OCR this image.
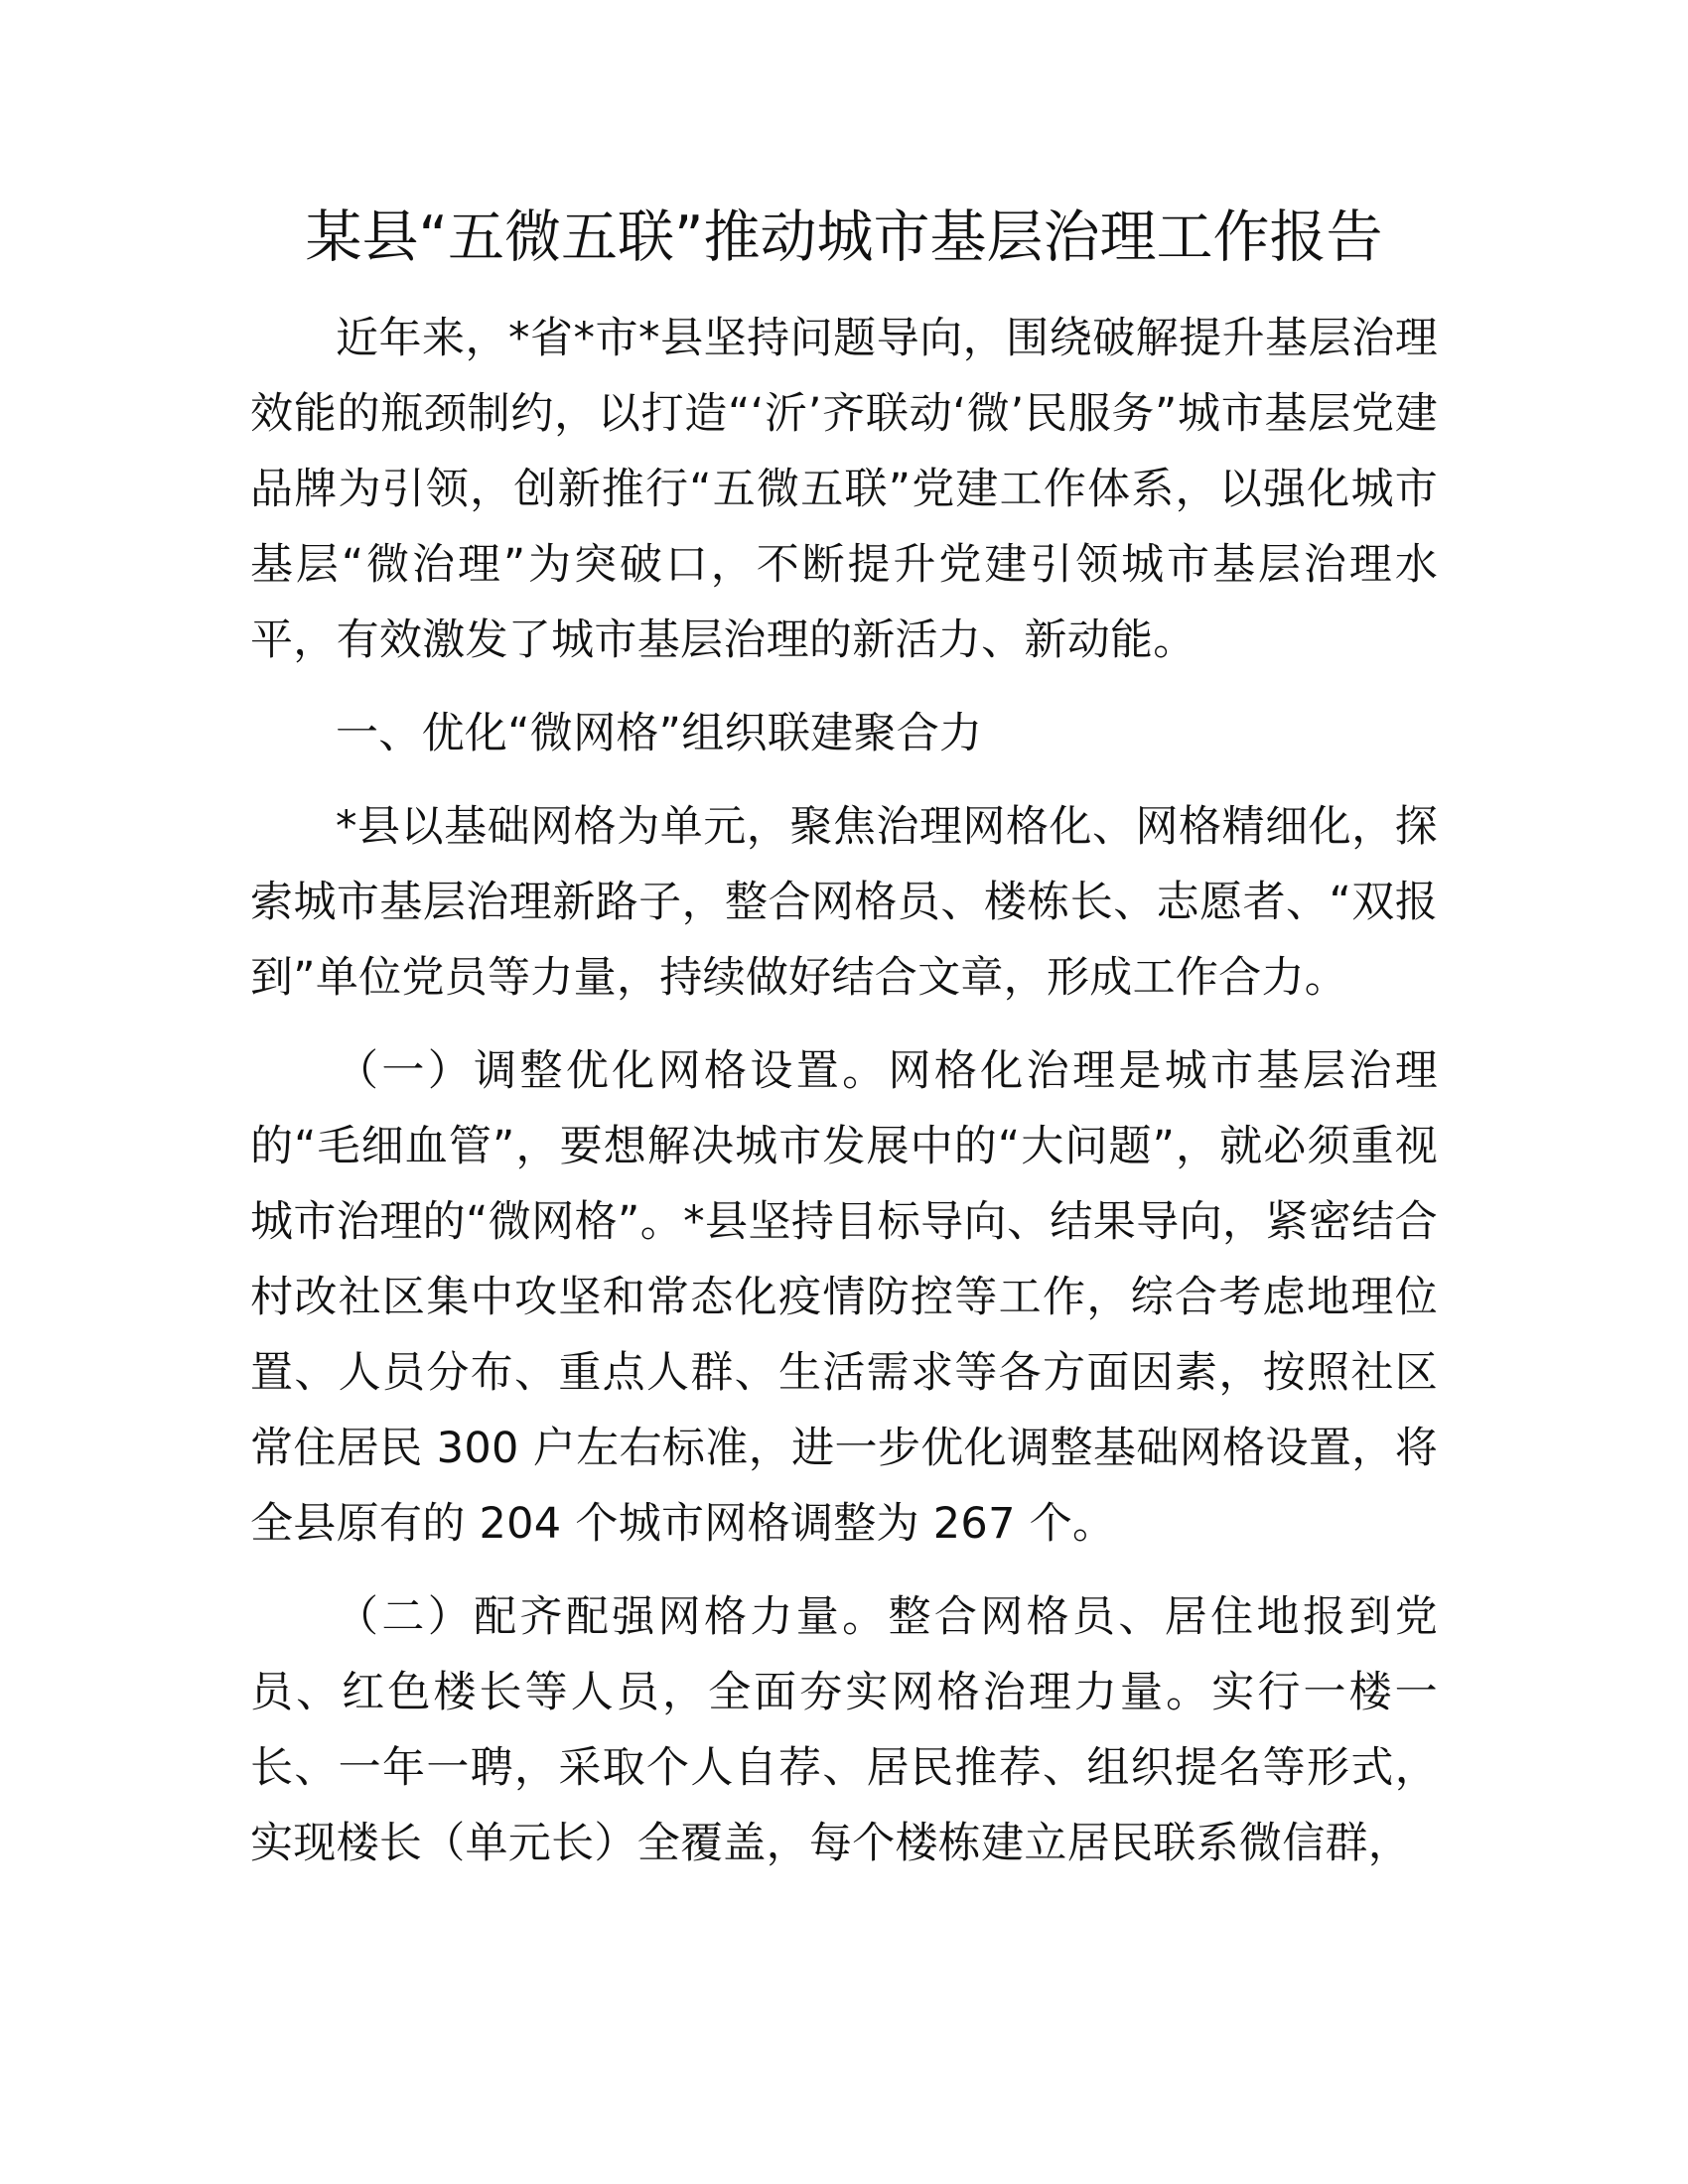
某县“五微五联”推动城市基层治理工作报告

近年来，*省*市*县坚持问题导向，围绕破解提升基层治理效能的瓶颈制约，以打造“‘沂’齐联动‘微’民服务”城市基层党建品牌为引领，创新推行“五微五联”党建工作体系，以强化城市基层“微治理”为突破口，不断提升党建引领城市基层治理水平，有效激发了城市基层治理的新活力、新动能。

一、优化“微网格”组织联建聚合力

*县以基础网格为单元，聚焦治理网格化、网格精细化，探索城市基层治理新路子，整合网格员、楼栋长、志愿者、“双报到”单位党员等力量，持续做好结合文章，形成工作合力。

（一）调整优化网格设置。网格化治理是城市基层治理的“毛细血管”，要想解决城市发展中的“大问题”，就必须重视城市治理的“微网格”。*县坚持目标导向、结果导向，紧密结合村改社区集中攻坚和常态化疫情防控等工作，综合考虑地理位置、人员分布、重点人群、生活需求等各方面因素，按照社区常住居民 300 户左右标准，进一步优化调整基础网格设置，将全县原有的 204 个城市网格调整为 267 个。

（二）配齐配强网格力量。整合网格员、居住地报到党员、红色楼长等人员，全面夯实网格治理力量。实行一楼一长、一年一聘，采取个人自荐、居民推荐、组织提名等形式，实现楼长（单元长）全覆盖，每个楼栋建立居民联系微信群，
